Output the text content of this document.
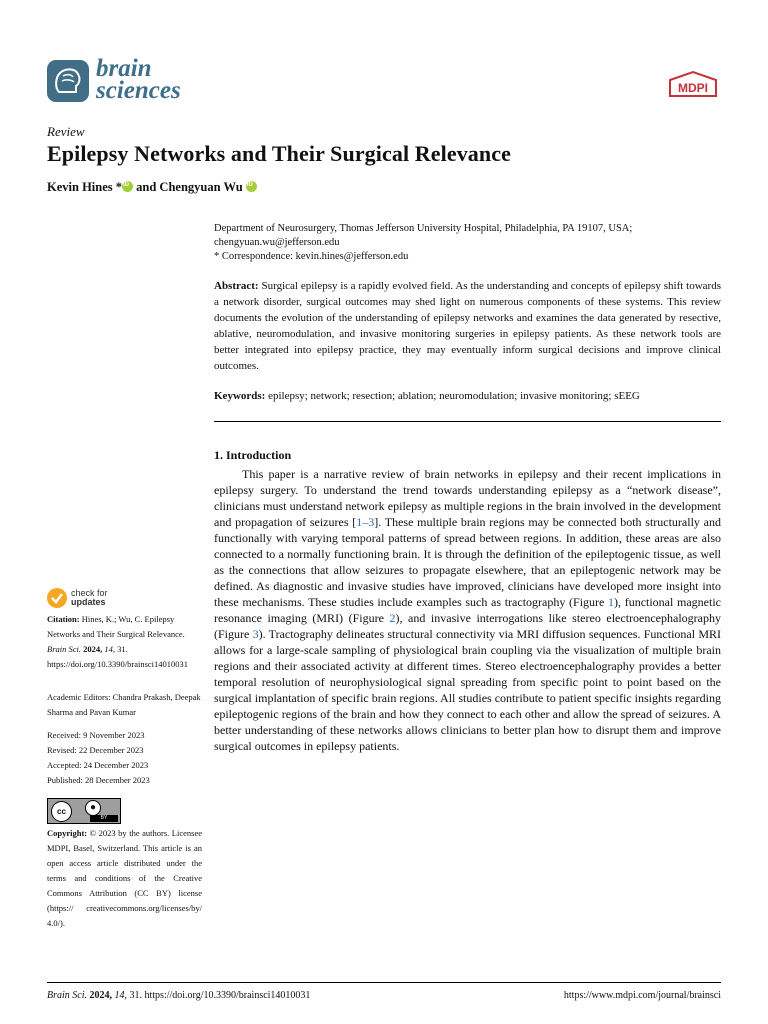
brain
sciences	MDPI
Review
Epilepsy Networks and Their Surgical Relevance
Kevin Hines *iD and Chengyuan Wu iD
Department of Neurosurgery, Thomas Jefferson University Hospital, Philadelphia, PA 19107, USA;
chengyuan.wu@jefferson.edu
* Correspondence: kevin.hines@jefferson.edu
Abstract: Surgical epilepsy is a rapidly evolved field. As the understanding and concepts of epilepsy shift towards a network disorder, surgical outcomes may shed light on numerous components of these systems. This review documents the evolution of the understanding of epilepsy networks and examines the data generated by resective, ablative, neuromodulation, and invasive monitoring surgeries in epilepsy patients. As these network tools are better integrated into epilepsy practice, they may eventually inform surgical decisions and improve clinical outcomes.
Keywords: epilepsy; network; resection; ablation; neuromodulation; invasive monitoring; sEEG
1. Introduction
This paper is a narrative review of brain networks in epilepsy and their recent implications in epilepsy surgery. To understand the trend towards understanding epilepsy as a “network disease”, clinicians must understand network epilepsy as multiple regions in the brain involved in the development and propagation of seizures [1–3]. These multiple brain regions may be connected both structurally and functionally with varying temporal patterns of spread between regions. In addition, these areas are also connected to a normally functioning brain. It is through the definition of the epileptogenic tissue, as well as the connections that allow seizures to propagate elsewhere, that an epileptogenic network may be defined. As diagnostic and invasive studies have improved, clinicians have developed more insight into these mechanisms. These studies include examples such as tractography (Figure 1), functional magnetic resonance imaging (MRI) (Figure 2), and invasive interrogations like stereo electroencephalography (Figure 3). Tractography delineates structural connectivity via MRI diffusion sequences. Functional MRI allows for a large-scale sampling of physiological brain coupling via the visualization of multiple brain regions and their associated activity at different times. Stereo electroencephalography provides a better temporal resolution of neurophysiological signal spreading from specific point to point based on the surgical implantation of specific brain regions. All studies contribute to patient specific insights regarding epileptogenic regions of the brain and how they connect to each other and allow the spread of seizures. A better understanding of these networks allows clinicians to better plan how to disrupt them and improve surgical outcomes in epilepsy patients.
check for
updates
Citation: Hines, K.; Wu, C. Epilepsy Networks and Their Surgical Relevance. Brain Sci. 2024, 14, 31. https://doi.org/10.3390/brainsci14010031
Academic Editors: Chandra Prakash, Deepak Sharma and Pavan Kumar
Received: 9 November 2023
Revised: 22 December 2023
Accepted: 24 December 2023
Published: 28 December 2023
cc	●
BY
Copyright: © 2023 by the authors. Licensee MDPI, Basel, Switzerland. This article is an open access article distributed under the terms and conditions of the Creative Commons Attribution (CC BY) license (https:// creativecommons.org/licenses/by/ 4.0/).
Brain Sci. 2024, 14, 31. https://doi.org/10.3390/brainsci14010031	https://www.mdpi.com/journal/brainsci
